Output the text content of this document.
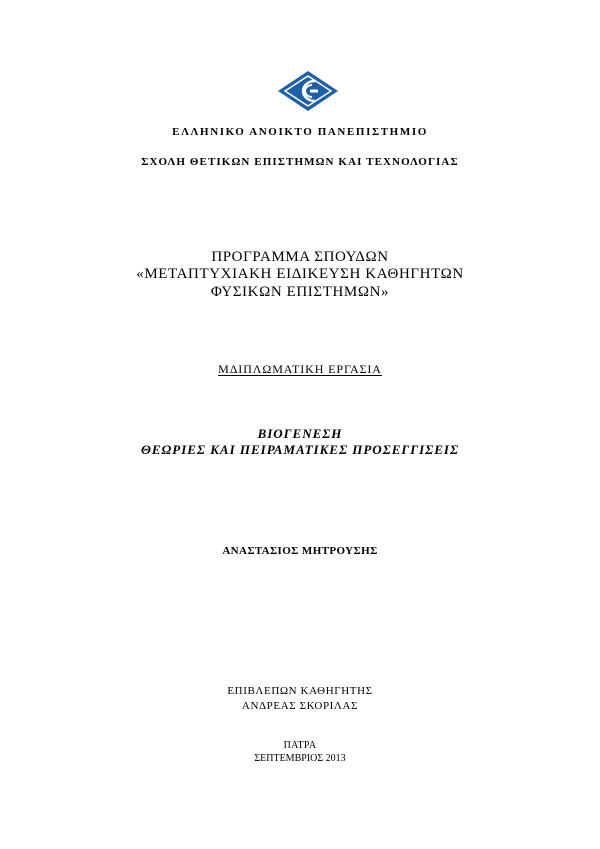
ΕΛΛΗΝΙΚΟ ΑΝΟΙΚΤΟ ΠΑΝΕΠΙΣΤΗΜΙΟ
ΣΧΟΛΗ ΘΕΤΙΚΩΝ ΕΠΙΣΤΗΜΩΝ ΚΑΙ ΤΕΧΝΟΛΟΓΙΑΣ
ΠΡΟΓΡΑΜΜΑ ΣΠΟΥΔΩΝ
«ΜΕΤΑΠΤΥΧΙΑΚΗ ΕΙΔΙΚΕΥΣΗ ΚΑΘΗΓΗΤΩΝ
ΦΥΣΙΚΩΝ ΕΠΙΣΤΗΜΩΝ»
ΜΔΙΠΛΩΜΑΤΙΚΗ ΕΡΓΑΣΙΑ
ΒΙΟΓΕΝΕΣΗ
ΘΕΩΡΙΕΣ ΚΑΙ ΠΕΙΡΑΜΑΤΙΚΕΣ ΠΡΟΣΕΓΓΙΣΕΙΣ
ΑΝΑΣΤΑΣΙΟΣ ΜΗΤΡΟΥΣΗΣ
ΕΠΙΒΛΕΠΩΝ ΚΑΘΗΓΗΤΗΣ
ΑΝΔΡΕΑΣ ΣΚΟΡΙΛΑΣ
ΠΑΤΡΑ
ΣΕΠΤΕΜΒΡΙΟΣ 2013
